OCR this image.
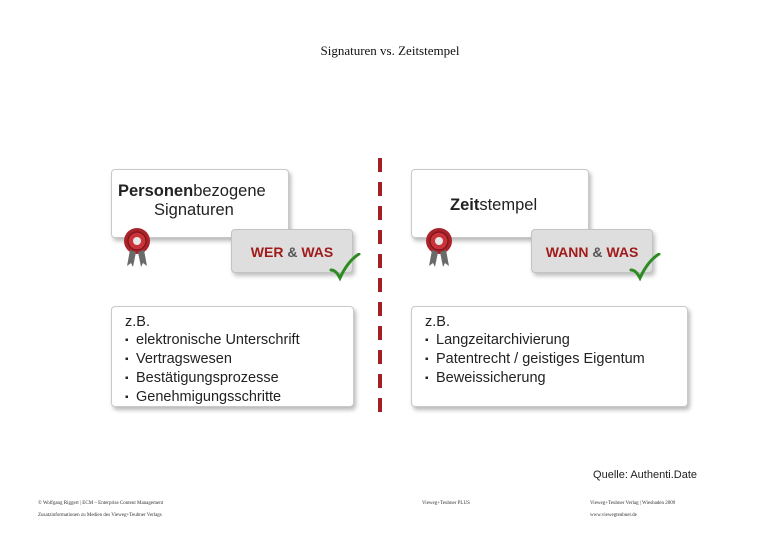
Signaturen vs. Zeitstempel
Personenbezogene
Signaturen
WER & WAS
z.B.
▪ elektronische Unterschrift
▪ Vertragswesen
▪ Bestätigungsprozesse
▪ Genehmigungsschritte
Zeitstempel
WANN & WAS
z.B.
▪ Langzeitarchivierung
▪ Patentrecht / geistiges Eigentum
▪ Beweissicherung
Quelle: Authenti.Date
© Wolfgang Riggert | ECM – Enterprise Content Management
Zusatzinformationen zu Medien des Vieweg+Teubner Verlags
Vieweg+Teubner PLUS	Vieweg+Teubner Verlag | Wiesbaden 2009
www.viewegteubner.de
